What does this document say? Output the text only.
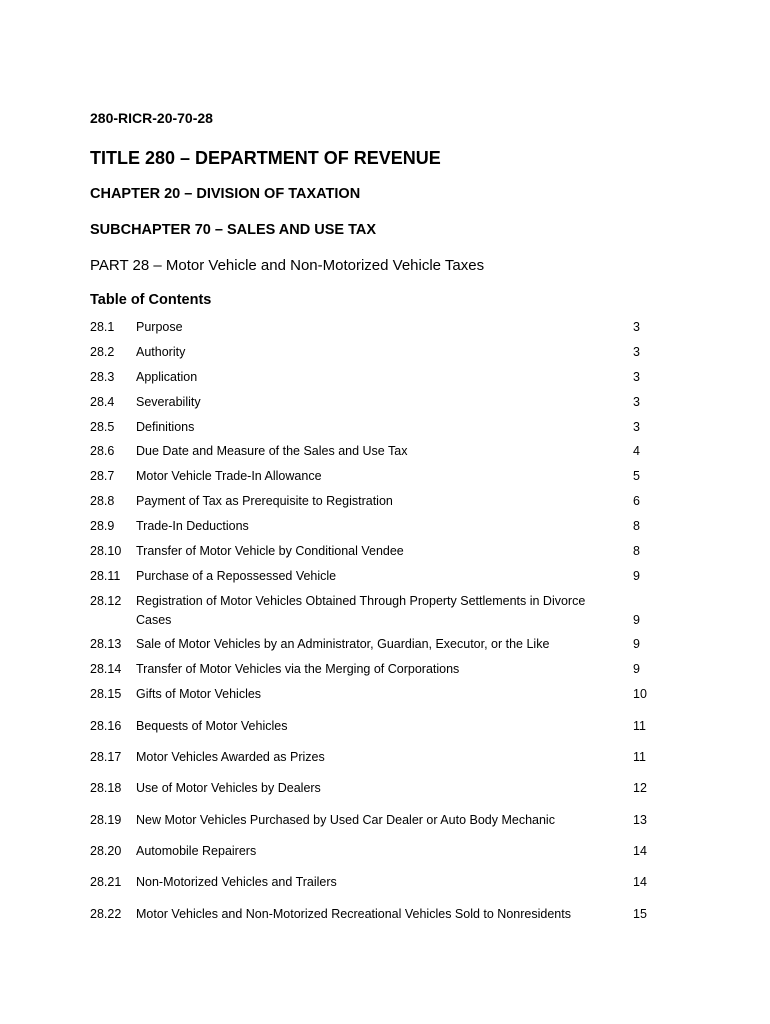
280-RICR-20-70-28
TITLE 280 – DEPARTMENT OF REVENUE
CHAPTER 20 – DIVISION OF TAXATION
SUBCHAPTER 70 – SALES AND USE TAX
PART 28 – Motor Vehicle and Non-Motorized Vehicle Taxes
Table of Contents
28.1 Purpose	3
28.2 Authority	3
28.3 Application	3
28.4 Severability	3
28.5 Definitions	3
28.6 Due Date and Measure of the Sales and Use Tax	4
28.7 Motor Vehicle Trade-In Allowance	5
28.8 Payment of Tax as Prerequisite to Registration	6
28.9 Trade-In Deductions	8
28.10 Transfer of Motor Vehicle by Conditional Vendee	8
28.11 Purchase of a Repossessed Vehicle	9
28.12 Registration of Motor Vehicles Obtained Through Property Settlements in Divorce Cases	9
28.13 Sale of Motor Vehicles by an Administrator, Guardian, Executor, or the Like	9
28.14 Transfer of Motor Vehicles via the Merging of Corporations	9
28.15 Gifts of Motor Vehicles	10
28.16 Bequests of Motor Vehicles	11
28.17 Motor Vehicles Awarded as Prizes	11
28.18 Use of Motor Vehicles by Dealers	12
28.19 New Motor Vehicles Purchased by Used Car Dealer or Auto Body Mechanic	13
28.20 Automobile Repairers	14
28.21 Non-Motorized Vehicles and Trailers	14
28.22 Motor Vehicles and Non-Motorized Recreational Vehicles Sold to Nonresidents	15
